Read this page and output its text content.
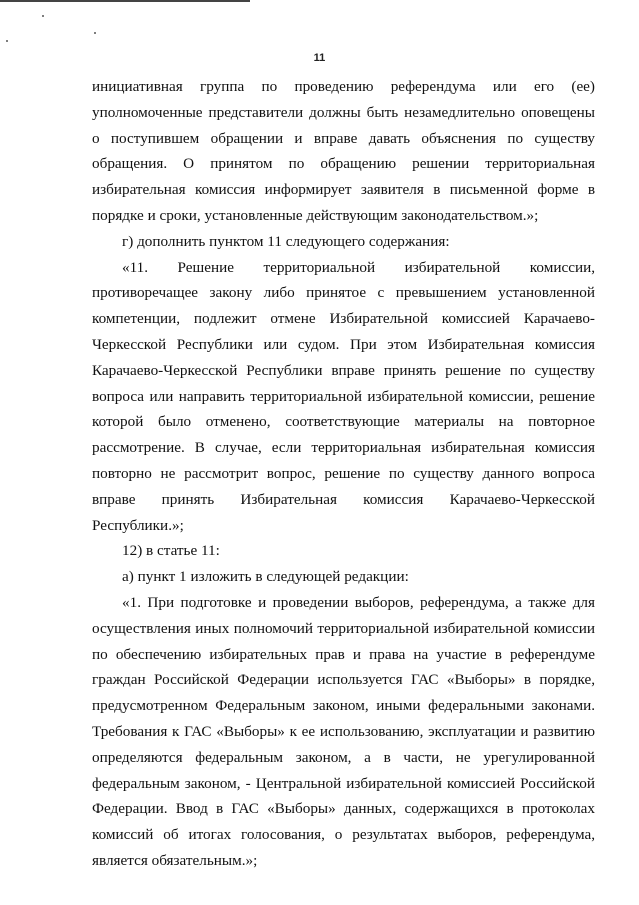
11

инициативная группа по проведению референдума или его (ее) уполномоченные представители должны быть незамедлительно оповещены о поступившем обращении и вправе давать объяснения по существу обращения. О принятом по обращению решении территориальная избирательная комиссия информирует заявителя в письменной форме в порядке и сроки, установленные действующим законодательством.»;

г) дополнить пунктом 11 следующего содержания:

«11. Решение территориальной избирательной комиссии, противоречащее закону либо принятое с превышением установленной компетенции, подлежит отмене Избирательной комиссией Карачаево-Черкесской Республики или судом. При этом Избирательная комиссия Карачаево-Черкесской Республики вправе принять решение по существу вопроса или направить территориальной избирательной комиссии, решение которой было отменено, соответствующие материалы на повторное рассмотрение. В случае, если территориальная избирательная комиссия повторно не рассмотрит вопрос, решение по существу данного вопроса вправе принять Избирательная комиссия Карачаево-Черкесской Республики.»;

12) в статье 11:

а) пункт 1 изложить в следующей редакции:

«1. При подготовке и проведении выборов, референдума, а также для осуществления иных полномочий территориальной избирательной комиссии по обеспечению избирательных прав и права на участие в референдуме граждан Российской Федерации используется ГАС «Выборы» в порядке, предусмотренном Федеральным законом, иными федеральными законами. Требования к ГАС «Выборы» к ее использованию, эксплуатации и развитию определяются федеральным законом, а в части, не урегулированной федеральным законом, - Центральной избирательной комиссией Российской Федерации. Ввод в ГАС «Выборы» данных, содержащихся в протоколах комиссий об итогах голосования, о результатах выборов, референдума, является обязательным.»;
